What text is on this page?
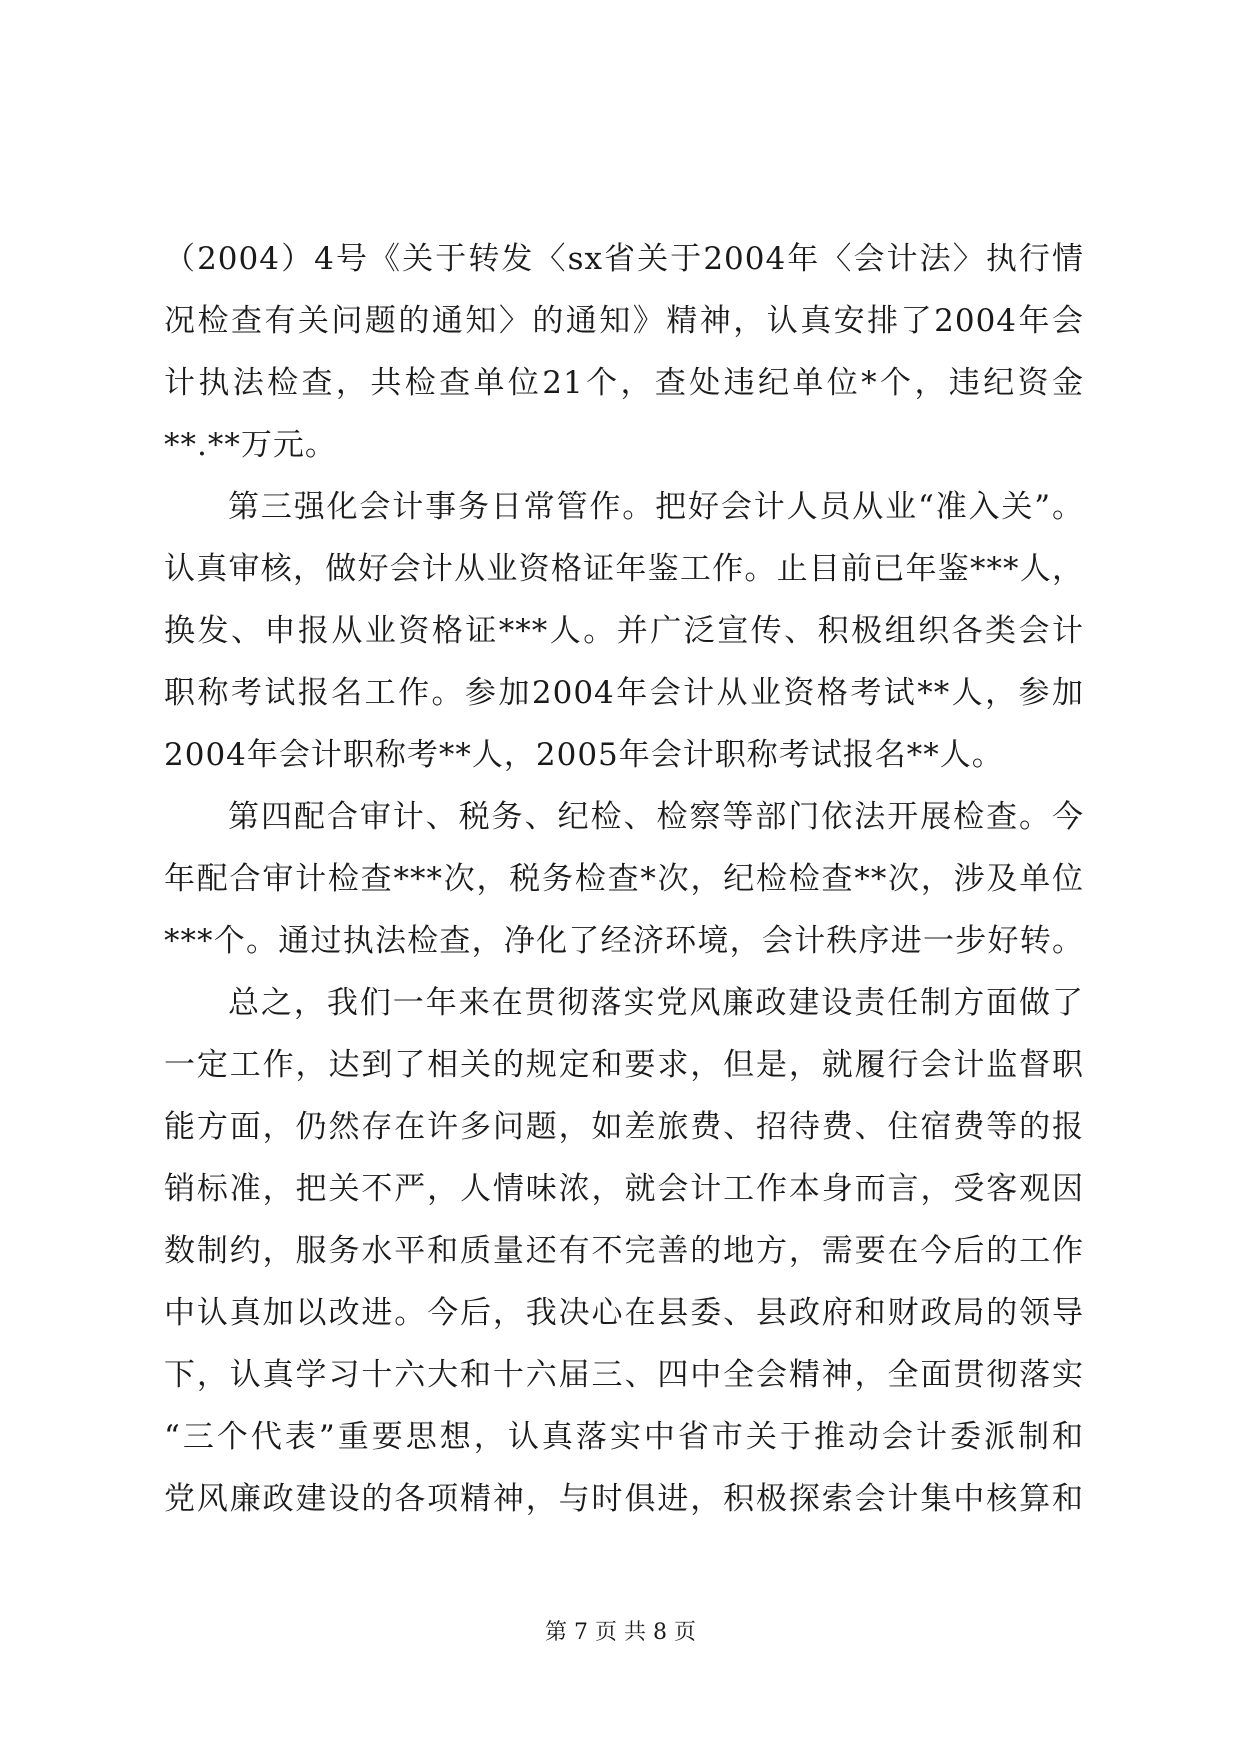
（2004）4号《关于转发〈sx省关于2004年〈会计法〉执行情
况检查有关问题的通知〉的通知》精神，认真安排了2004年会
计执法检查，共检查单位21个，查处违纪单位*个，违纪资金
**.**万元。
第三强化会计事务日常管作。把好会计人员从业“准入关”。
认真审核，做好会计从业资格证年鉴工作。止目前已年鉴***人，
换发、申报从业资格证***人。并广泛宣传、积极组织各类会计
职称考试报名工作。参加2004年会计从业资格考试**人，参加
2004年会计职称考**人，2005年会计职称考试报名**人。
第四配合审计、税务、纪检、检察等部门依法开展检查。今
年配合审计检查***次，税务检查*次，纪检检查**次，涉及单位
***个。通过执法检查，净化了经济环境，会计秩序进一步好转。
总之，我们一年来在贯彻落实党风廉政建设责任制方面做了
一定工作，达到了相关的规定和要求，但是，就履行会计监督职
能方面，仍然存在许多问题，如差旅费、招待费、住宿费等的报
销标准，把关不严，人情味浓，就会计工作本身而言，受客观因
数制约，服务水平和质量还有不完善的地方，需要在今后的工作
中认真加以改进。今后，我决心在县委、县政府和财政局的领导
下，认真学习十六大和十六届三、四中全会精神，全面贯彻落实
“三个代表”重要思想，认真落实中省市关于推动会计委派制和
党风廉政建设的各项精神，与时俱进，积极探索会计集中核算和
第 7 页 共 8 页
